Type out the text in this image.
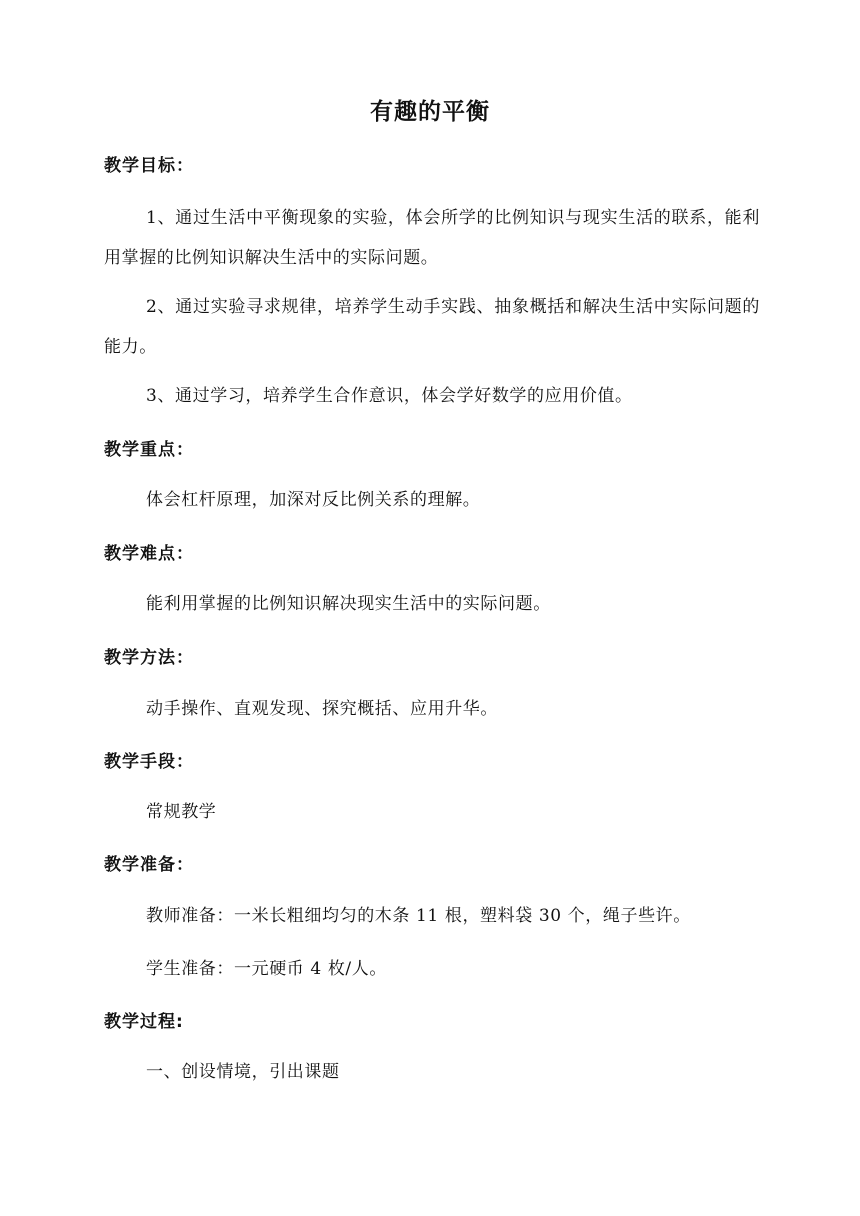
有趣的平衡
教学目标：
1、通过生活中平衡现象的实验，体会所学的比例知识与现实生活的联系，能利用掌握的比例知识解决生活中的实际问题。
2、通过实验寻求规律，培养学生动手实践、抽象概括和解决生活中实际问题的能力。
3、通过学习，培养学生合作意识，体会学好数学的应用价值。
教学重点：
体会杠杆原理，加深对反比例关系的理解。
教学难点：
能利用掌握的比例知识解决现实生活中的实际问题。
教学方法：
动手操作、直观发现、探究概括、应用升华。
教学手段：
常规教学
教学准备：
教师准备：一米长粗细均匀的木条 11 根，塑料袋 30 个，绳子些许。
学生准备：一元硬币 4 枚/人。
教学过程:
一、创设情境，引出课题
